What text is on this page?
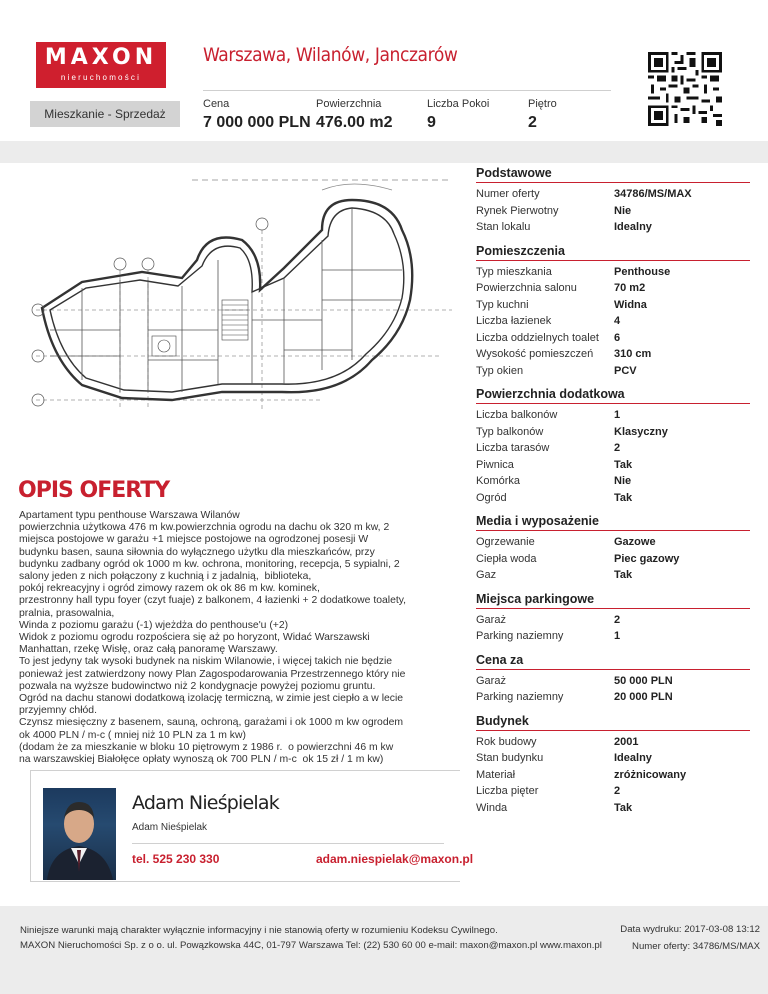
MAXON
nieruchomości
Warszawa, Wilanów, Janczarów
Mieszkanie - Sprzedaż
Cena
7 000 000 PLN
Powierzchnia
476.00 m2
Liczba Pokoi
9
Piętro
2
OPIS OFERTY
Apartament typu penthouse Warszawa Wilanów
powierzchnia użytkowa 476 m kw.powierzchnia ogrodu na dachu ok 320 m kw, 2
miejsca postojowe w garażu +1 miejsce postojowe na ogrodzonej posesji W
budynku basen, sauna siłownia do wyłącznego użytku dla mieszkańców, przy
budynku zadbany ogród ok 1000 m kw. ochrona, monitoring, recepcja, 5 sypialni, 2
salony jeden z nich połączony z kuchnią i z jadalnią,  biblioteka,
pokój rekreacyjny i ogród zimowy razem ok ok 86 m kw. kominek,
przestronny hall typu foyer (czyt fuaje) z balkonem, 4 łazienki + 2 dodatkowe toalety,
pralnia, prasowalnia,
Winda z poziomu garażu (-1) wjeżdża do penthouse'u (+2)
Widok z poziomu ogrodu rozpościera się aż po horyzont, Widać Warszawski
Manhattan, rzekę Wisłę, oraz całą panoramę Warszawy.
To jest jedyny tak wysoki budynek na niskim Wilanowie, i więcej takich nie będzie
ponieważ jest zatwierdzony nowy Plan Zagospodarowania Przestrzennego który nie
pozwala na wyższe budowinctwo niż 2 kondygnacje powyżej poziomu gruntu.
Ogród na dachu stanowi dodatkową izolację termiczną, w zimie jest ciepło a w lecie
przyjemny chłód.
Czynsz miesięczny z basenem, sauną, ochroną, garażami i ok 1000 m kw ogrodem
ok 4000 PLN / m-c ( mniej niż 10 PLN za 1 m kw)
(dodam że za mieszkanie w bloku 10 piętrowym z 1986 r.  o powierzchni 46 m kw
na warszawskiej Białołęce opłaty wynoszą ok 700 PLN / m-c  ok 15 zł / 1 m kw)
Adam Nieśpielak
Adam Nieśpielak
tel. 525 230 330	adam.niespielak@maxon.pl
Podstawowe
Numer oferty	34786/MS/MAX
Rynek Pierwotny	Nie
Stan lokalu	Idealny
Pomieszczenia
Typ mieszkania	Penthouse
Powierzchnia salonu	70 m2
Typ kuchni	Widna
Liczba łazienek	4
Liczba oddzielnych toalet	6
Wysokość pomieszczeń	310 cm
Typ okien	PCV
Powierzchnia dodatkowa
Liczba balkonów	1
Typ balkonów	Klasyczny
Liczba tarasów	2
Piwnica	Tak
Komórka	Nie
Ogród	Tak
Media i wyposażenie
Ogrzewanie	Gazowe
Ciepła woda	Piec gazowy
Gaz	Tak
Miejsca parkingowe
Garaż	2
Parking naziemny	1
Cena za
Garaż	50 000 PLN
Parking naziemny	20 000 PLN
Budynek
Rok budowy	2001
Stan budynku	Idealny
Materiał	zróżnicowany
Liczba pięter	2
Winda	Tak
Niniejsze warunki mają charakter wyłącznie informacyjny i nie stanowią oferty w rozumieniu Kodeksu Cywilnego.
MAXON Nieruchomości Sp. z o o. ul. Powązkowska 44C, 01-797 Warszawa Tel: (22) 530 60 00 e-mail: maxon@maxon.pl www.maxon.pl
Data wydruku: 2017-03-08 13:12
Numer oferty: 34786/MS/MAX
